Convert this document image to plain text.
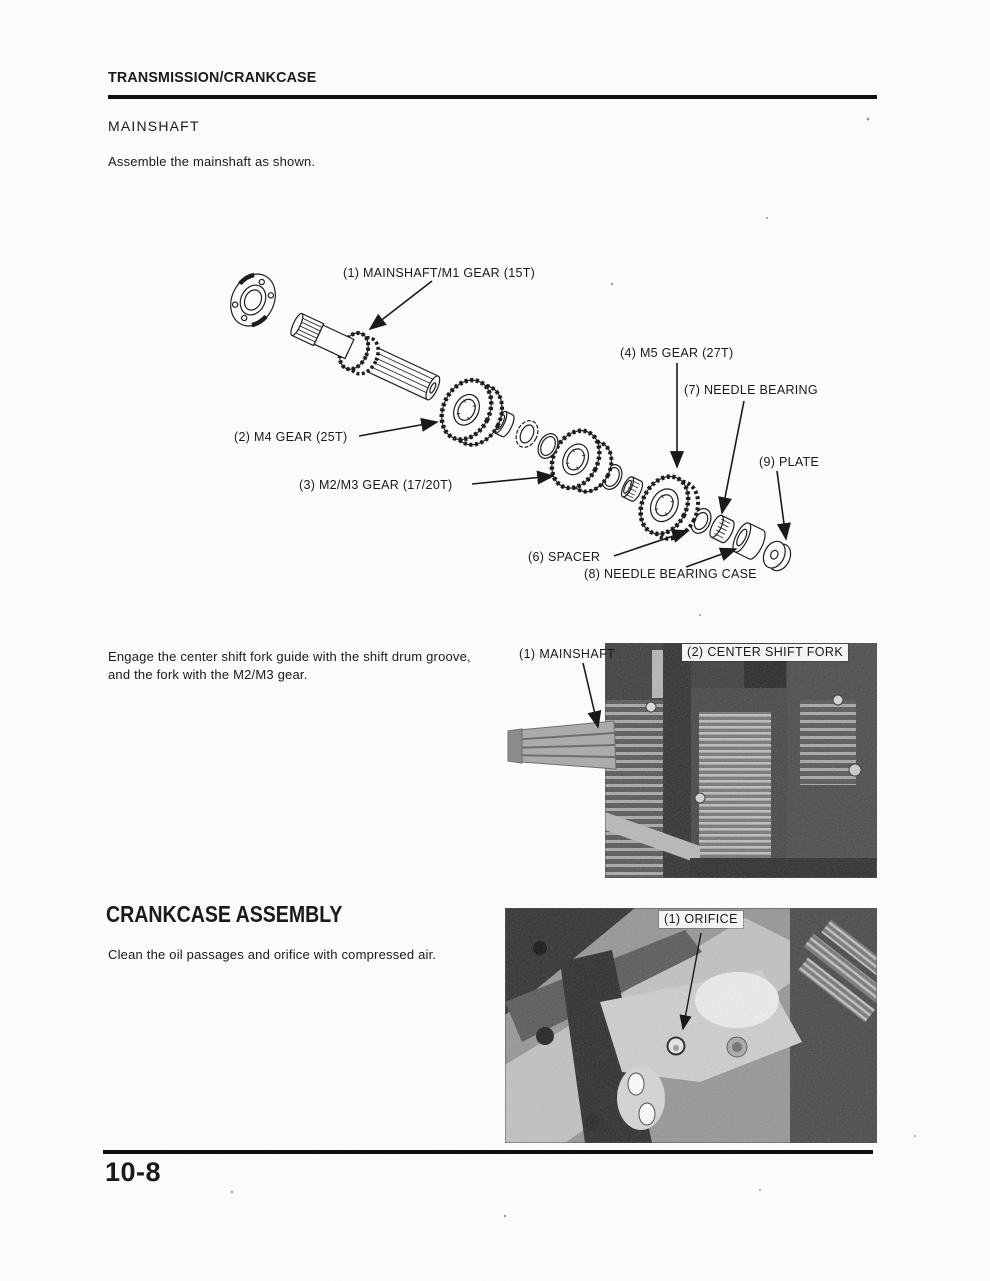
TRANSMISSION/CRANKCASE
MAINSHAFT
Assemble the mainshaft as shown.
(1) MAINSHAFT/M1 GEAR (15T)
(4) M5 GEAR (27T)
(7) NEEDLE BEARING
(2) M4 GEAR (25T)
(9) PLATE
(3) M2/M3 GEAR (17/20T)
(6) SPACER
(8) NEEDLE BEARING CASE
Engage the center shift fork guide with the shift drum groove,
and the fork with the M2/M3 gear.
(1) MAINSHAFT	(2) CENTER SHIFT FORK
CRANKCASE ASSEMBLY
Clean the oil passages and orifice with compressed air.
(1) ORIFICE
10-8
